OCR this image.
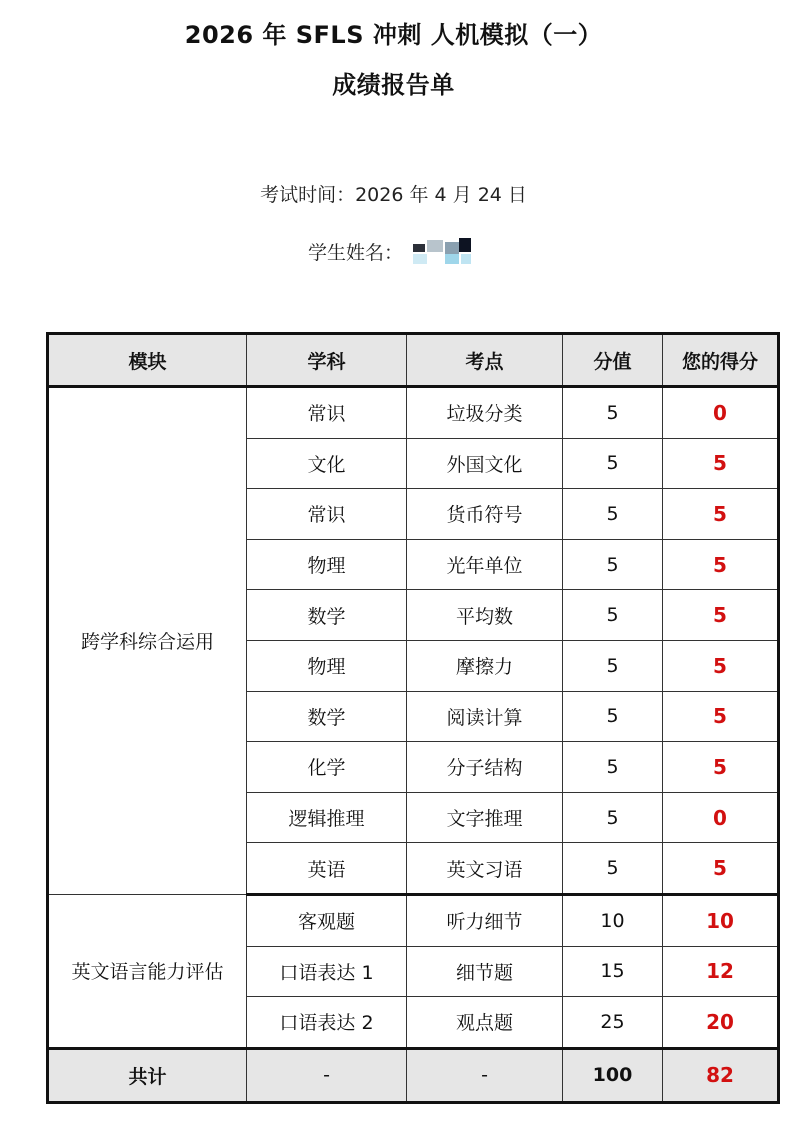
2026 年 SFLS 冲刺 人机模拟（一）
成绩报告单
考试时间：2026 年 4 月 24 日
学生姓名：
模块	学科	考点	分值	您的得分
跨学科综合运用	常识	垃圾分类	5	0
	文化	外国文化	5	5
	常识	货币符号	5	5
	物理	光年单位	5	5
	数学	平均数	5	5
	物理	摩擦力	5	5
	数学	阅读计算	5	5
	化学	分子结构	5	5
	逻辑推理	文字推理	5	0
	英语	英文习语	5	5
英文语言能力评估	客观题	听力细节	10	10
	口语表达 1	细节题	15	12
	口语表达 2	观点题	25	20
共计	-	-	100	82
